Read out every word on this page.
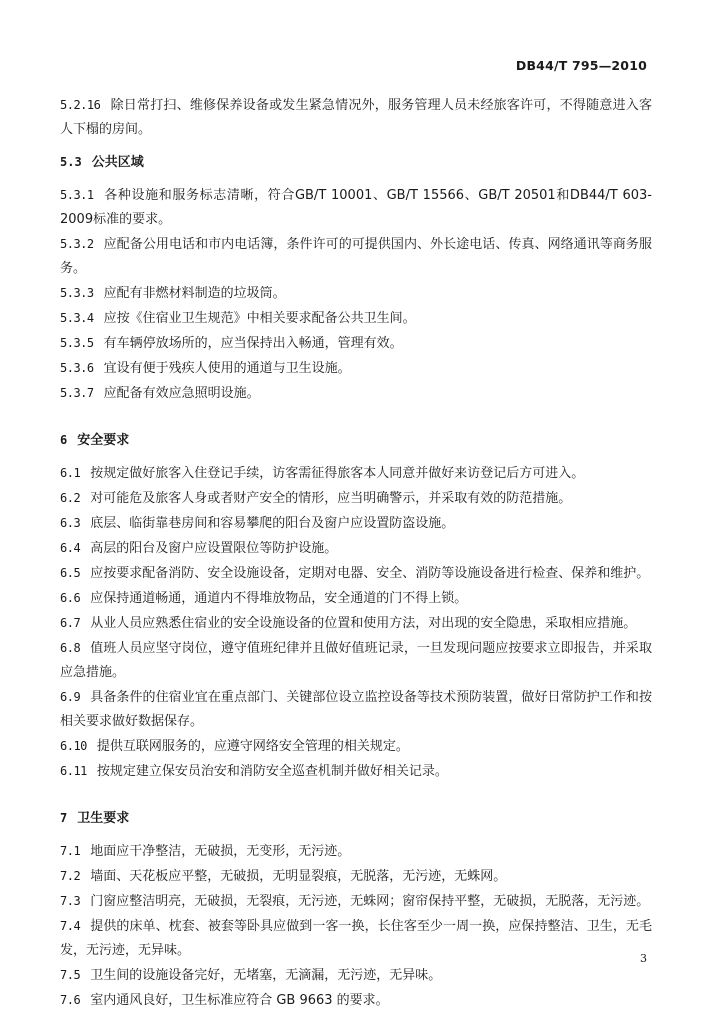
DB44/T 795—2010

5.2.16 除日常打扫、维修保养设备或发生紧急情况外，服务管理人员未经旅客许可，不得随意进入客人下榻的房间。

5.3 公共区域

5.3.1 各种设施和服务标志清晰，符合GB/T 10001、GB/T 15566、GB/T 20501和DB44/T 603-2009标准的要求。

5.3.2 应配备公用电话和市内电话簿，条件许可的可提供国内、外长途电话、传真、网络通讯等商务服务。

5.3.3 应配有非燃材料制造的垃圾筒。

5.3.4 应按《住宿业卫生规范》中相关要求配备公共卫生间。

5.3.5 有车辆停放场所的，应当保持出入畅通，管理有效。

5.3.6 宜设有便于残疾人使用的通道与卫生设施。

5.3.7 应配备有效应急照明设施。

6 安全要求

6.1 按规定做好旅客入住登记手续，访客需征得旅客本人同意并做好来访登记后方可进入。

6.2 对可能危及旅客人身或者财产安全的情形，应当明确警示，并采取有效的防范措施。

6.3 底层、临街靠巷房间和容易攀爬的阳台及窗户应设置防盗设施。

6.4 高层的阳台及窗户应设置限位等防护设施。

6.5 应按要求配备消防、安全设施设备，定期对电器、安全、消防等设施设备进行检查、保养和维护。

6.6 应保持通道畅通，通道内不得堆放物品，安全通道的门不得上锁。

6.7 从业人员应熟悉住宿业的安全设施设备的位置和使用方法，对出现的安全隐患，采取相应措施。

6.8 值班人员应坚守岗位，遵守值班纪律并且做好值班记录，一旦发现问题应按要求立即报告，并采取应急措施。

6.9 具备条件的住宿业宜在重点部门、关键部位设立监控设备等技术预防装置，做好日常防护工作和按相关要求做好数据保存。

6.10 提供互联网服务的，应遵守网络安全管理的相关规定。

6.11 按规定建立保安员治安和消防安全巡查机制并做好相关记录。

7 卫生要求

7.1 地面应干净整洁，无破损，无变形，无污迹。

7.2 墙面、天花板应平整，无破损，无明显裂痕，无脱落，无污迹，无蛛网。

7.3 门窗应整洁明亮，无破损，无裂痕，无污迹，无蛛网；窗帘保持平整，无破损，无脱落，无污迹。

7.4 提供的床单、枕套、被套等卧具应做到一客一换，长住客至少一周一换，应保持整洁、卫生，无毛发，无污迹，无异味。

7.5 卫生间的设施设备完好，无堵塞，无滴漏，无污迹，无异味。

7.6 室内通风良好，卫生标准应符合 GB 9663 的要求。

3
